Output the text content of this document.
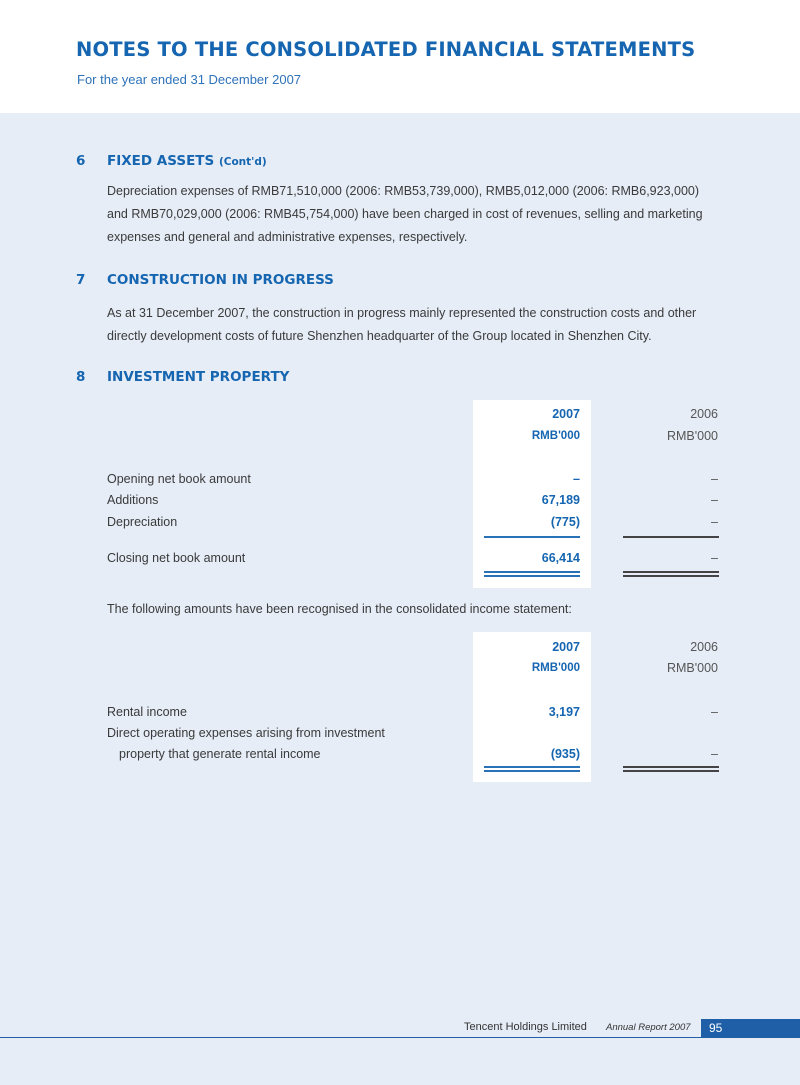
NOTES TO THE CONSOLIDATED FINANCIAL STATEMENTS
For the year ended 31 December 2007
6 FIXED ASSETS (Cont'd)
Depreciation expenses of RMB71,510,000 (2006: RMB53,739,000), RMB5,012,000 (2006: RMB6,923,000)
and RMB70,029,000 (2006: RMB45,754,000) have been charged in cost of revenues, selling and marketing
expenses and general and administrative expenses, respectively.
7 CONSTRUCTION IN PROGRESS
As at 31 December 2007, the construction in progress mainly represented the construction costs and other
directly development costs of future Shenzhen headquarter of the Group located in Shenzhen City.
8 INVESTMENT PROPERTY
2007	2006
RMB'000	RMB'000
Opening net book amount	–	–
Additions	67,189	–
Depreciation	(775)	–
Closing net book amount	66,414	–
The following amounts have been recognised in the consolidated income statement:
2007	2006
RMB'000	RMB'000
Rental income	3,197	–
Direct operating expenses arising from investment
property that generate rental income	(935)	–
Tencent Holdings Limited Annual Report 2007	95
